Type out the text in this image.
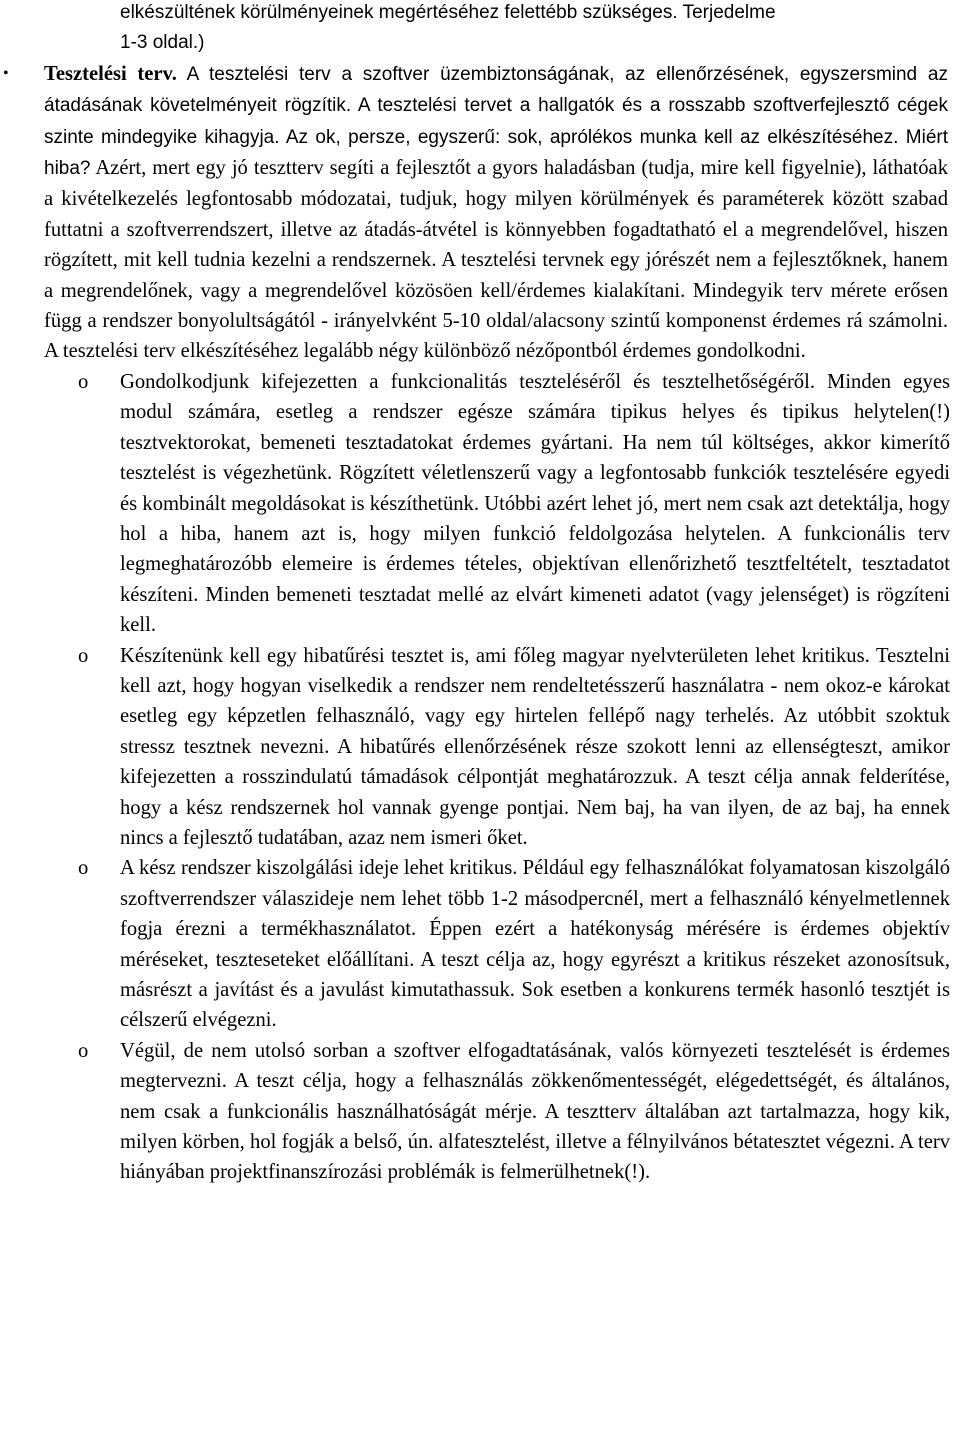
elkészültének körülményeinek megértéséhez felettébb szükséges. Terjedelme
1-3 oldal.)
•	Tesztelési terv. A tesztelési terv a szoftver üzembiztonságának, az ellenőrzésének, egyszersmind az átadásának követelményeit rögzítik. A tesztelési tervet a hallgatók és a rosszabb szoftverfejlesztő cégek szinte mindegyike kihagyja. Az ok, persze, egyszerű: sok, aprólékos munka kell az elkészítéséhez. Miért hiba? Azért, mert egy jó tesztterv segíti a fejlesztőt a gyors haladásban (tudja, mire kell figyelnie), láthatóak a kivételkezelés legfontosabb módozatai, tudjuk, hogy milyen körülmények és paraméterek között szabad futtatni a szoftverrendszert, illetve az átadás-átvétel is könnyebben fogadtatható el a megrendelővel, hiszen rögzített, mit kell tudnia kezelni a rendszernek. A tesztelési tervnek egy jórészét nem a fejlesztőknek, hanem a megrendelőnek, vagy a megrendelővel közösöen kell/érdemes kialakítani. Mindegyik terv mérete erősen függ a rendszer bonyolultságától - irányelvként 5-10 oldal/alacsony szintű komponenst érdemes rá számolni. A tesztelési terv elkészítéséhez legalább négy különböző nézőpontból érdemes gondolkodni.
o	Gondolkodjunk kifejezetten a funkcionalitás teszteléséről és tesztelhetőségéről. Minden egyes modul számára, esetleg a rendszer egésze számára tipikus helyes és tipikus helytelen(!) tesztvektorokat, bemeneti tesztadatokat érdemes gyártani. Ha nem túl költséges, akkor kimerítő tesztelést is végezhetünk. Rögzített véletlenszerű vagy a legfontosabb funkciók tesztelésére egyedi és kombinált megoldásokat is készíthetünk. Utóbbi azért lehet jó, mert nem csak azt detektálja, hogy hol a hiba, hanem azt is, hogy milyen funkció feldolgozása helytelen. A funkcionális terv legmeghatározóbb elemeire is érdemes tételes, objektívan ellenőrizhető tesztfeltételt, tesztadatot készíteni. Minden bemeneti tesztadat mellé az elvárt kimeneti adatot (vagy jelenséget) is rögzíteni kell.
o	Készítenünk kell egy hibatűrési tesztet is, ami főleg magyar nyelvterületen lehet kritikus. Tesztelni kell azt, hogy hogyan viselkedik a rendszer nem rendeltetésszerű használatra - nem okoz-e károkat esetleg egy képzetlen felhasználó, vagy egy hirtelen fellépő nagy terhelés. Az utóbbit szoktuk stressz tesztnek nevezni. A hibatűrés ellenőrzésének része szokott lenni az ellenségteszt, amikor kifejezetten a rosszindulatú támadások célpontját meghatározzuk. A teszt célja annak felderítése, hogy a kész rendszernek hol vannak gyenge pontjai. Nem baj, ha van ilyen, de az baj, ha ennek nincs a fejlesztő tudatában, azaz nem ismeri őket.
o	A kész rendszer kiszolgálási ideje lehet kritikus. Például egy felhasználókat folyamatosan kiszolgáló szoftverrendszer válaszideje nem lehet több 1-2 másodpercnél, mert a felhasználó kényelmetlennek fogja érezni a termékhasználatot. Éppen ezért a hatékonyság mérésére is érdemes objektív méréseket, teszteseteket előállítani. A teszt célja az, hogy egyrészt a kritikus részeket azonosítsuk, másrészt a javítást és a javulást kimutathassuk. Sok esetben a konkurens termék hasonló tesztjét is célszerű elvégezni.
o	Végül, de nem utolsó sorban a szoftver elfogadtatásának, valós környezeti tesztelését is érdemes megtervezni. A teszt célja, hogy a felhasználás zökkenőmentességét, elégedettségét, és általános, nem csak a funkcionális használhatóságát mérje. A tesztterv általában azt tartalmazza, hogy kik, milyen körben, hol fogják a belső, ún. alfatesztelést, illetve a félnyilvános bétatesztet végezni. A terv hiányában projektfinanszírozási problémák is felmerülhetnek(!).
